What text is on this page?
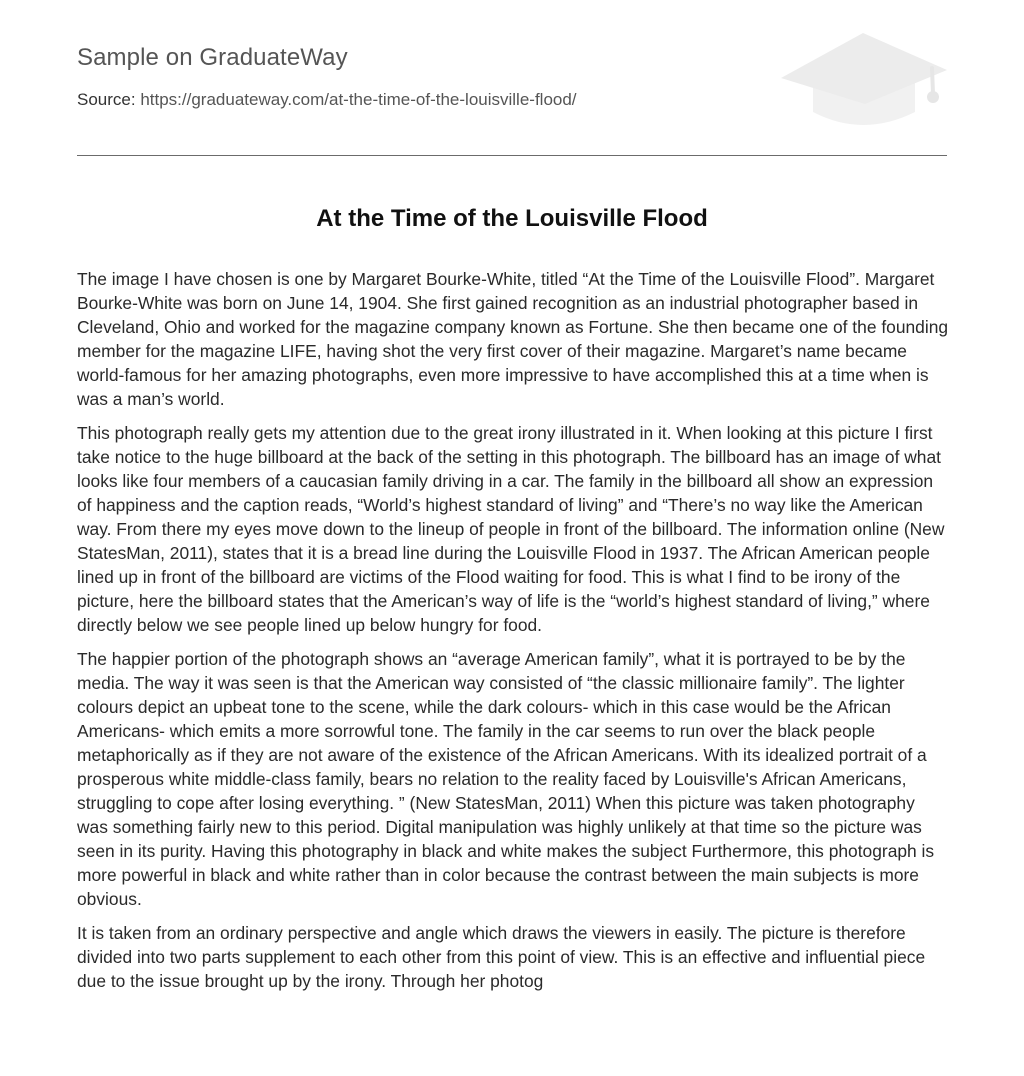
Sample on GraduateWay
Source: https://graduateway.com/at-the-time-of-the-louisville-flood/
At the Time of the Louisville Flood

The image I have chosen is one by Margaret Bourke-White, titled “At the Time of the Louisville Flood”. Margaret Bourke-White was born on June 14, 1904. She first gained recognition as an industrial photographer based in Cleveland, Ohio and worked for the magazine company known as Fortune. She then became one of the founding member for the magazine LIFE, having shot the very first cover of their magazine. Margaret’s name became world-famous for her amazing photographs, even more impressive to have accomplished this at a time when is was a man’s world.

This photograph really gets my attention due to the great irony illustrated in it. When looking at this picture I first take notice to the huge billboard at the back of the setting in this photograph. The billboard has an image of what looks like four members of a caucasian family driving in a car. The family in the billboard all show an expression of happiness and the caption reads, “World’s highest standard of living” and “There’s no way like the American way. From there my eyes move down to the lineup of people in front of the billboard. The information online (New StatesMan, 2011), states that it is a bread line during the Louisville Flood in 1937. The African American people lined up in front of the billboard are victims of the Flood waiting for food. This is what I find to be irony of the picture, here the billboard states that the American’s way of life is the “world’s highest standard of living,” where directly below we see people lined up below hungry for food.

The happier portion of the photograph shows an “average American family”, what it is portrayed to be by the media. The way it was seen is that the American way consisted of “the classic millionaire family”. The lighter colours depict an upbeat tone to the scene, while the dark colours- which in this case would be the African Americans- which emits a more sorrowful tone. The family in the car seems to run over the black people metaphorically as if they are not aware of the existence of the African Americans. With its idealized portrait of a prosperous white middle-class family, bears no relation to the reality faced by Louisville's African Americans, struggling to cope after losing everything. ” (New StatesMan, 2011) When this picture was taken photography was something fairly new to this period. Digital manipulation was highly unlikely at that time so the picture was seen in its purity. Having this photography in black and white makes the subject Furthermore, this photograph is more powerful in black and white rather than in color because the contrast between the main subjects is more obvious.

It is taken from an ordinary perspective and angle which draws the viewers in easily. The picture is therefore divided into two parts supplement to each other from this point of view. This is an effective and influential piece due to the issue brought up by the irony. Through her photog
